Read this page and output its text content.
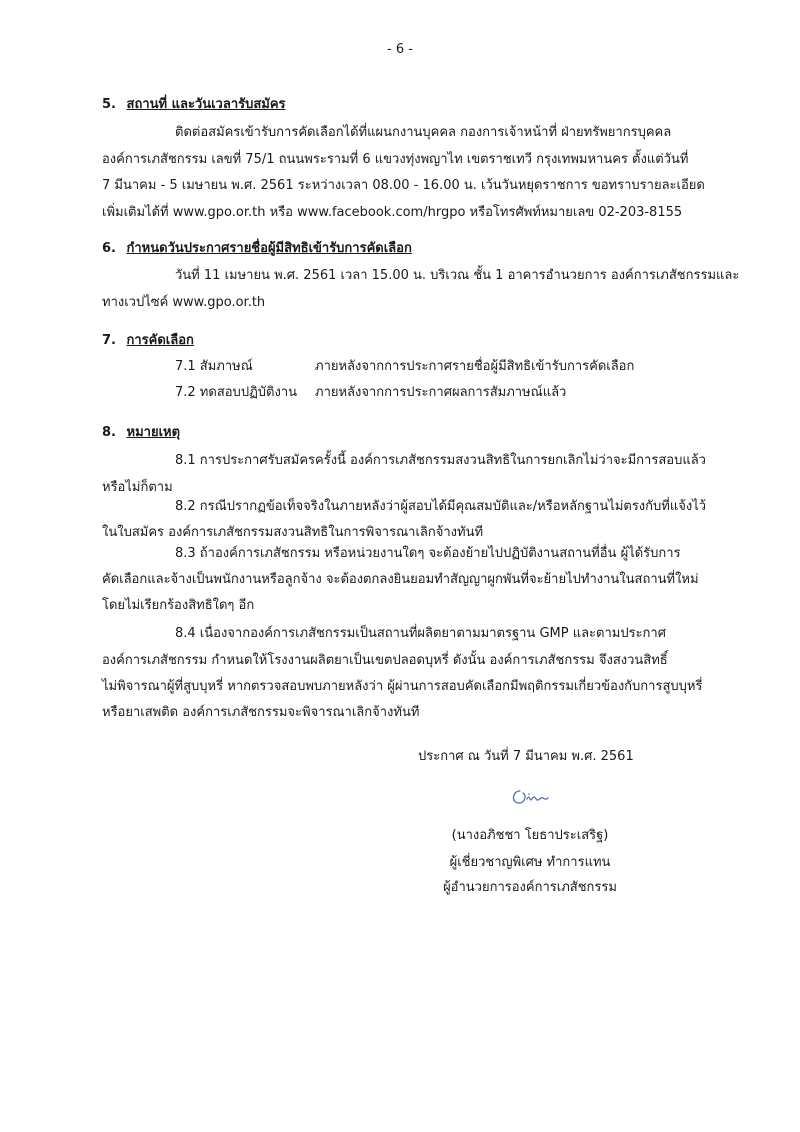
- 6 -
5. สถานที่ และวันเวลารับสมัคร
ติดต่อสมัครเข้ารับการคัดเลือกได้ที่แผนกงานบุคคล กองการเจ้าหน้าที่ ฝ่ายทรัพยากรบุคคล
องค์การเภสัชกรรม เลขที่ 75/1 ถนนพระรามที่ 6 แขวงทุ่งพญาไท เขตราชเทวี กรุงเทพมหานคร ตั้งแต่วันที่
7 มีนาคม - 5 เมษายน พ.ศ. 2561 ระหว่างเวลา 08.00 - 16.00 น. เว้นวันหยุดราชการ ขอทราบรายละเอียด
เพิ่มเติมได้ที่ www.gpo.or.th หรือ www.facebook.com/hrgpo หรือโทรศัพท์หมายเลข 02-203-8155
6. กำหนดวันประกาศรายชื่อผู้มีสิทธิเข้ารับการคัดเลือก
วันที่ 11 เมษายน พ.ศ. 2561 เวลา 15.00 น. บริเวณ ชั้น 1 อาคารอำนวยการ องค์การเภสัชกรรมและ
ทางเวปไซค์ www.gpo.or.th
7. การคัดเลือก
7.1 สัมภาษณ์	ภายหลังจากการประกาศรายชื่อผู้มีสิทธิเข้ารับการคัดเลือก
7.2 ทดสอบปฏิบัติงาน ภายหลังจากการประกาศผลการสัมภาษณ์แล้ว
8. หมายเหตุ
8.1 การประกาศรับสมัครครั้งนี้ องค์การเภสัชกรรมสงวนสิทธิในการยกเลิกไม่ว่าจะมีการสอบแล้ว
หรือไม่ก็ตาม
8.2 กรณีปรากฏข้อเท็จจริงในภายหลังว่าผู้สอบได้มีคุณสมบัติและ/หรือหลักฐานไม่ตรงกับที่แจ้งไว้
ในใบสมัคร องค์การเภสัชกรรมสงวนสิทธิในการพิจารณาเลิกจ้างทันที
8.3 ถ้าองค์การเภสัชกรรม หรือหน่วยงานใดๆ จะต้องย้ายไปปฏิบัติงานสถานที่อื่น ผู้ได้รับการ
คัดเลือกและจ้างเป็นพนักงานหรือลูกจ้าง จะต้องตกลงยินยอมทำสัญญาผูกพันที่จะย้ายไปทำงานในสถานที่ใหม่
โดยไม่เรียกร้องสิทธิใดๆ อีก
8.4 เนื่องจากองค์การเภสัชกรรมเป็นสถานที่ผลิตยาตามมาตรฐาน GMP และตามประกาศ
องค์การเภสัชกรรม กำหนดให้โรงงานผลิตยาเป็นเขตปลอดบุหรี่ ดังนั้น องค์การเภสัชกรรม จึงสงวนสิทธิ์
ไม่พิจารณาผู้ที่สูบบุหรี่ หากตรวจสอบพบภายหลังว่า ผู้ผ่านการสอบคัดเลือกมีพฤติกรรมเกี่ยวข้องกับการสูบบุหรี่
หรือยาเสพติด องค์การเภสัชกรรมจะพิจารณาเลิกจ้างทันที
ประกาศ ณ วันที่ 7 มีนาคม พ.ศ. 2561
(นางอภิชชา โยธาประเสริฐ)
ผู้เชี่ยวชาญพิเศษ ทำการแทน
ผู้อำนวยการองค์การเภสัชกรรม
